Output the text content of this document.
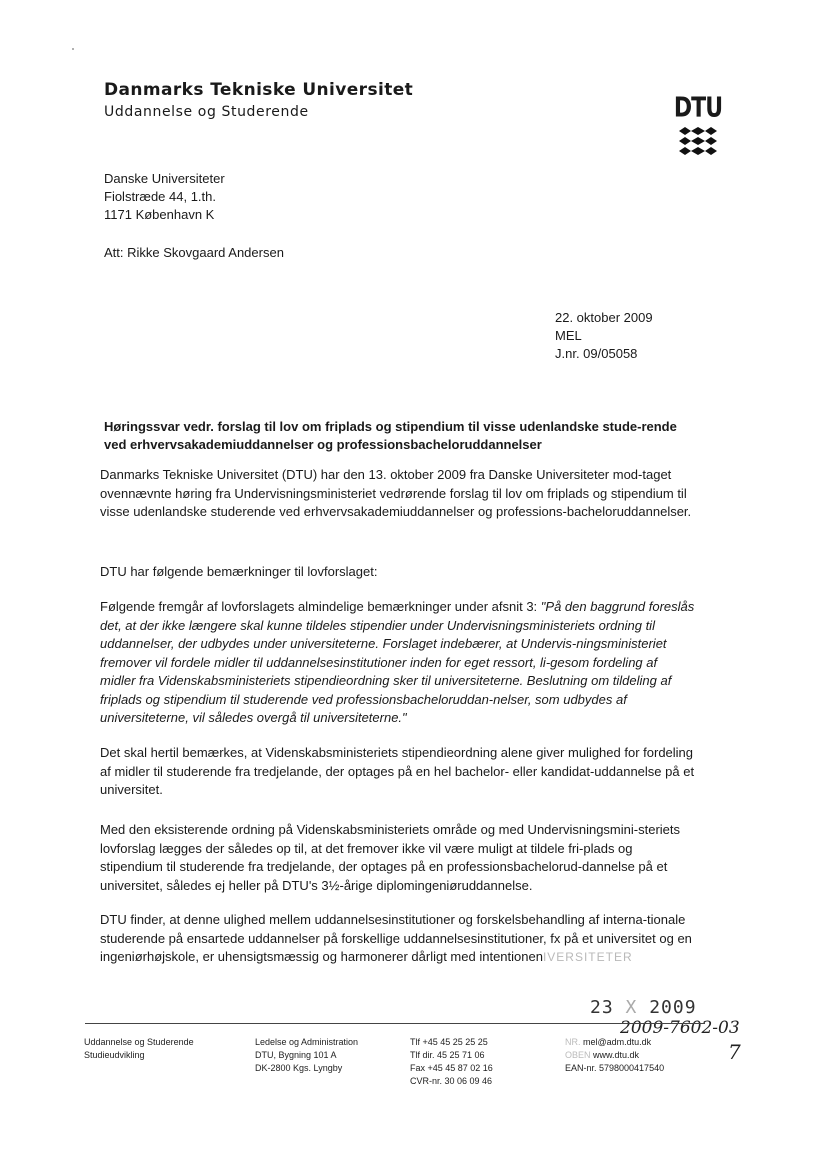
Danmarks Tekniske Universitet
Uddannelse og Studerende	DTU
Danske Universiteter
Fiolstræde 44, 1.th.
1171 København K
Att: Rikke Skovgaard Andersen
22. oktober 2009
MEL
J.nr. 09/05058
Høringssvar vedr. forslag til lov om friplads og stipendium til visse udenlandske stude-rende ved erhvervsakademiuddannelser og professionsbacheloruddannelser
Danmarks Tekniske Universitet (DTU) har den 13. oktober 2009 fra Danske Universiteter mod-taget ovennævnte høring fra Undervisningsministeriet vedrørende forslag til lov om friplads og stipendium til visse udenlandske studerende ved erhvervsakademiuddannelser og professions-bacheloruddannelser.
DTU har følgende bemærkninger til lovforslaget:
Følgende fremgår af lovforslagets almindelige bemærkninger under afsnit 3: "På den baggrund foreslås det, at der ikke længere skal kunne tildeles stipendier under Undervisningsministeriets ordning til uddannelser, der udbydes under universiteterne. Forslaget indebærer, at Undervis-ningsministeriet fremover vil fordele midler til uddannelsesinstitutioner inden for eget ressort, li-gesom fordeling af midler fra Videnskabsministeriets stipendieordning sker til universiteterne. Beslutning om tildeling af friplads og stipendium til studerende ved professionsbacheloruddan-nelser, som udbydes af universiteterne, vil således overgå til universiteterne."
Det skal hertil bemærkes, at Videnskabsministeriets stipendieordning alene giver mulighed for fordeling af midler til studerende fra tredjelande, der optages på en hel bachelor- eller kandidat-uddannelse på et universitet.
Med den eksisterende ordning på Videnskabsministeriets område og med Undervisningsmini-steriets lovforslag lægges der således op til, at det fremover ikke vil være muligt at tildele fri-plads og stipendium til studerende fra tredjelande, der optages på en professionsbachelorud-dannelse på et universitet, således ej heller på DTU's 3½-årige diplomingeniøruddannelse.
DTU finder, at denne ulighed mellem uddannelsesinstitutioner og forskelsbehandling af interna-tionale studerende på ensartede uddannelser på forskellige uddannelsesinstitutioner, fx på et universitet og en ingeniørhøjskole, er uhensigtsmæssig og harmonerer dårligt med intentionenIVERSITETER
23 X 2009
2009-7602-03
7
Uddannelse og Studerende
Studieudvikling
Ledelse og Administration
DTU, Bygning 101 A
DK-2800 Kgs. Lyngby
Tlf +45 45 25 25 25
Tlf dir. 45 25 71 06
Fax +45 45 87 02 16
CVR-nr. 30 06 09 46
NR. mel@adm.dtu.dk
OBEN www.dtu.dk
EAN-nr. 5798000417540
